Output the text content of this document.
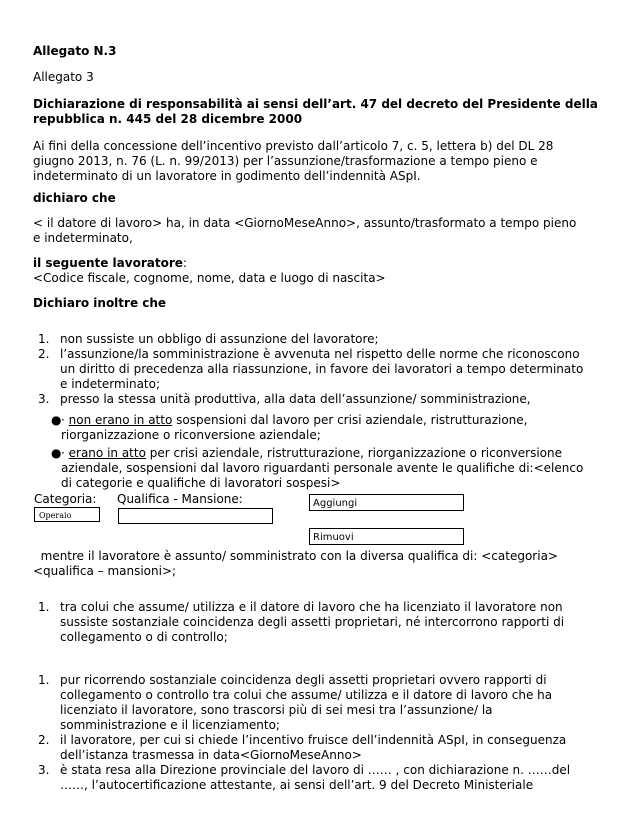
Allegato N.3

Allegato 3

Dichiarazione di responsabilità ai sensi dell’art. 47 del decreto del Presidente della

repubblica n. 445 del 28 dicembre 2000

Ai fini della concessione dell’incentivo previsto dall’articolo 7, c. 5, lettera b) del DL 28

giugno 2013, n. 76 (L. n. 99/2013) per l’assunzione/trasformazione a tempo pieno e

indeterminato di un lavoratore in godimento dell’indennità ASpI.

dichiaro che

< il datore di lavoro> ha, in data <GiornoMeseAnno>, assunto/trasformato a tempo pieno

e indeterminato,

il seguente lavoratore:

<Codice fiscale, cognome, nome, data e luogo di nascita>

Dichiaro inoltre che

1. non sussiste un obbligo di assunzione del lavoratore;
2. l’assunzione/la somministrazione è avvenuta nel rispetto delle norme che riconoscono
un diritto di precedenza alla riassunzione, in favore dei lavoratori a tempo determinato
e indeterminato;
3. presso la stessa unità produttiva, alla data dell’assunzione/ somministrazione,
● · non erano in atto sospensioni dal lavoro per crisi aziendale, ristrutturazione,
riorganizzazione o riconversione aziendale;
● · erano in atto per crisi aziendale, ristrutturazione, riorganizzazione o riconversione
aziendale, sospensioni dal lavoro riguardanti personale avente le qualifiche di:<elenco
di categorie e qualifiche di lavoratori sospesi>
Categoria: Qualifica - Mansione:
Operaio
Aggiungi
Rimuovi

mentre il lavoratore è assunto/ somministrato con la diversa qualifica di: <categoria>

<qualifica – mansioni>;

1. tra colui che assume/ utilizza e il datore di lavoro che ha licenziato il lavoratore non
sussiste sostanziale coincidenza degli assetti proprietari, né intercorrono rapporti di
collegamento o di controllo;
1. pur ricorrendo sostanziale coincidenza degli assetti proprietari ovvero rapporti di
collegamento o controllo tra colui che assume/ utilizza e il datore di lavoro che ha
licenziato il lavoratore, sono trascorsi più di sei mesi tra l’assunzione/ la
somministrazione e il licenziamento;
2. il lavoratore, per cui si chiede l’incentivo fruisce dell’indennità ASpI, in conseguenza
dell’istanza trasmessa in data<GiornoMeseAnno>
3. è stata resa alla Direzione provinciale del lavoro di …… , con dichiarazione n. ……del
……, l’autocertificazione attestante, ai sensi dell’art. 9 del Decreto Ministeriale
